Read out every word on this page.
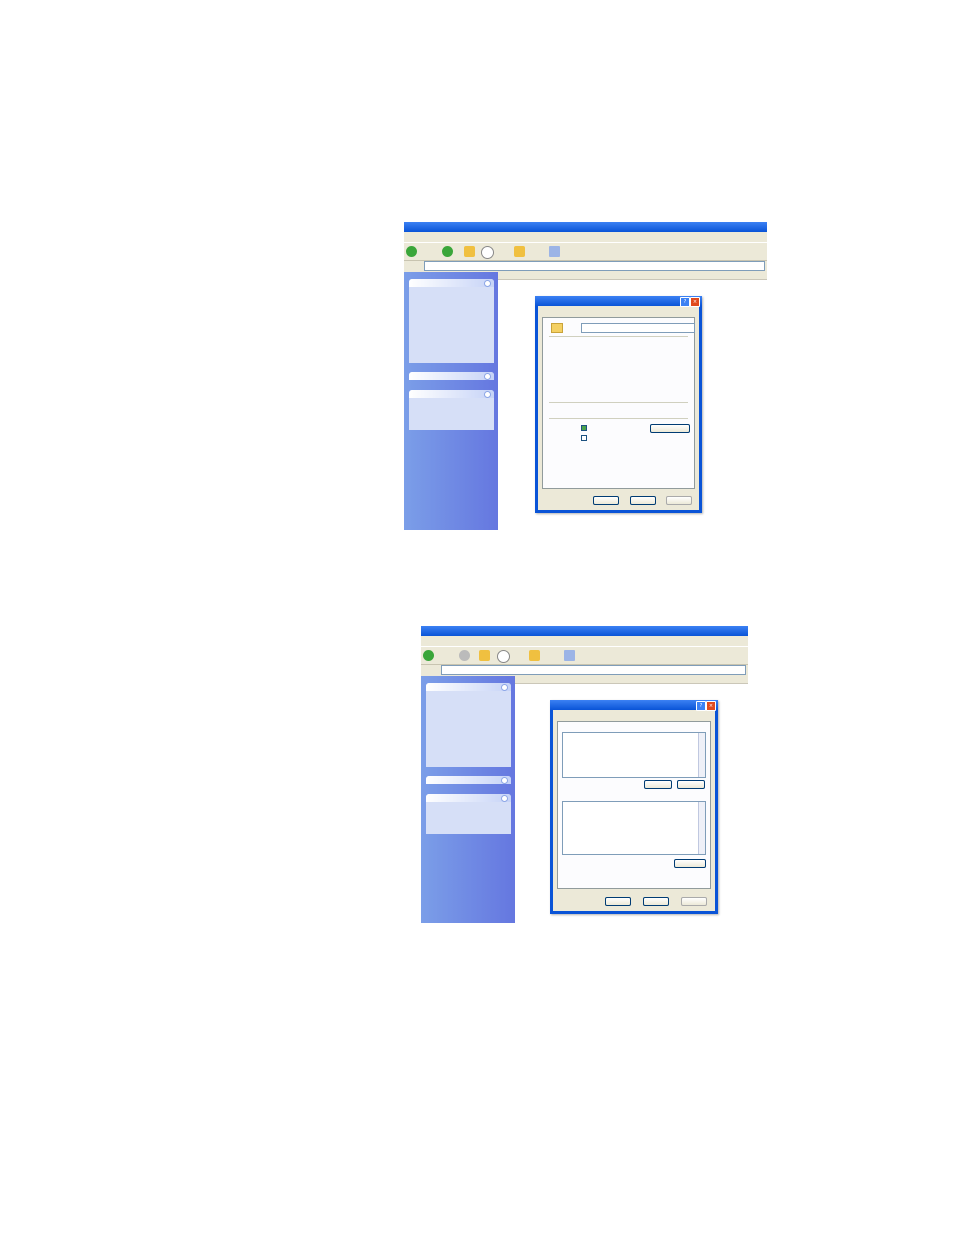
?	×

?	×
